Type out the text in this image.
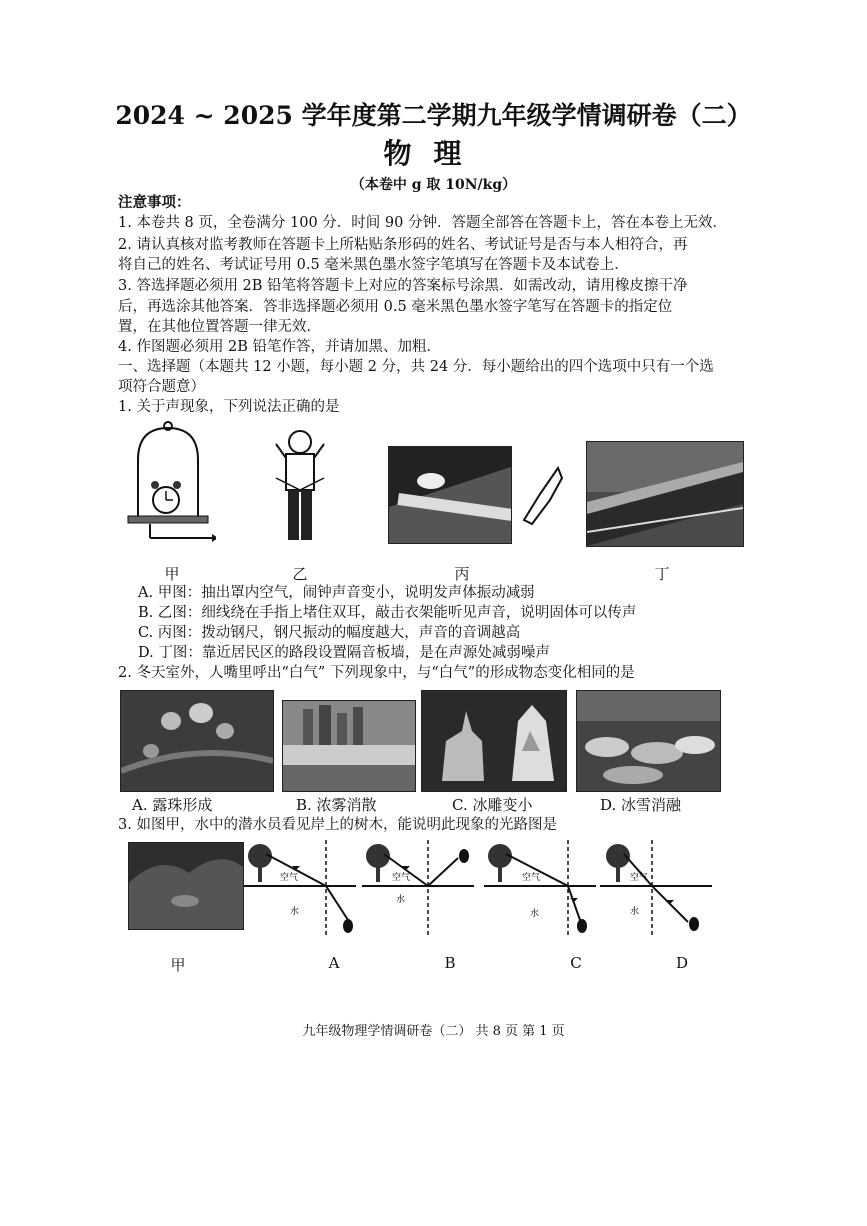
2024 ~ 2025 学年度第二学期九年级学情调研卷（二）
物理
（本卷中 g 取 10N/kg）
注意事项：
1. 本卷共 8 页，全卷满分 100 分．时间 90 分钟．答题全部答在答题卡上，答在本卷上无效．
2. 请认真核对监考教师在答题卡上所粘贴条形码的姓名、考试证号是否与本人相符合，再
将自己的姓名、考试证号用 0.5 毫米黑色墨水签字笔填写在答题卡及本试卷上．
3. 答选择题必须用 2B 铅笔将答题卡上对应的答案标号涂黑．如需改动，请用橡皮擦干净
后，再选涂其他答案．答非选择题必须用 0.5 毫米黑色墨水签字笔写在答题卡的指定位
置，在其他位置答题一律无效．
4. 作图题必须用 2B 铅笔作答，并请加黑、加粗．
一、选择题（本题共 12 小题，每小题 2 分，共 24 分．每小题给出的四个选项中只有一个选
项符合题意）
1. 关于声现象，下列说法正确的是
甲	乙	丙	丁
A. 甲图：抽出罩内空气，闹钟声音变小，说明发声体振动减弱
B. 乙图：细线绕在手指上堵住双耳，敲击衣架能听见声音，说明固体可以传声
C. 丙图：拨动钢尺，钢尺振动的幅度越大，声音的音调越高
D. 丁图：靠近居民区的路段设置隔音板墙，是在声源处减弱噪声
2. 冬天室外，人嘴里呼出“白气” 下列现象中，与“白气”的形成物态变化相同的是
A. 露珠形成	B. 浓雾消散	C. 冰雕变小	D. 冰雪消融
3. 如图甲，水中的潜水员看见岸上的树木，能说明此现象的光路图是
空气
水
空气
水
空气
水
空气
水
甲	A	B	C	D
九年级物理学情调研卷（二） 共 8 页 第 1 页
